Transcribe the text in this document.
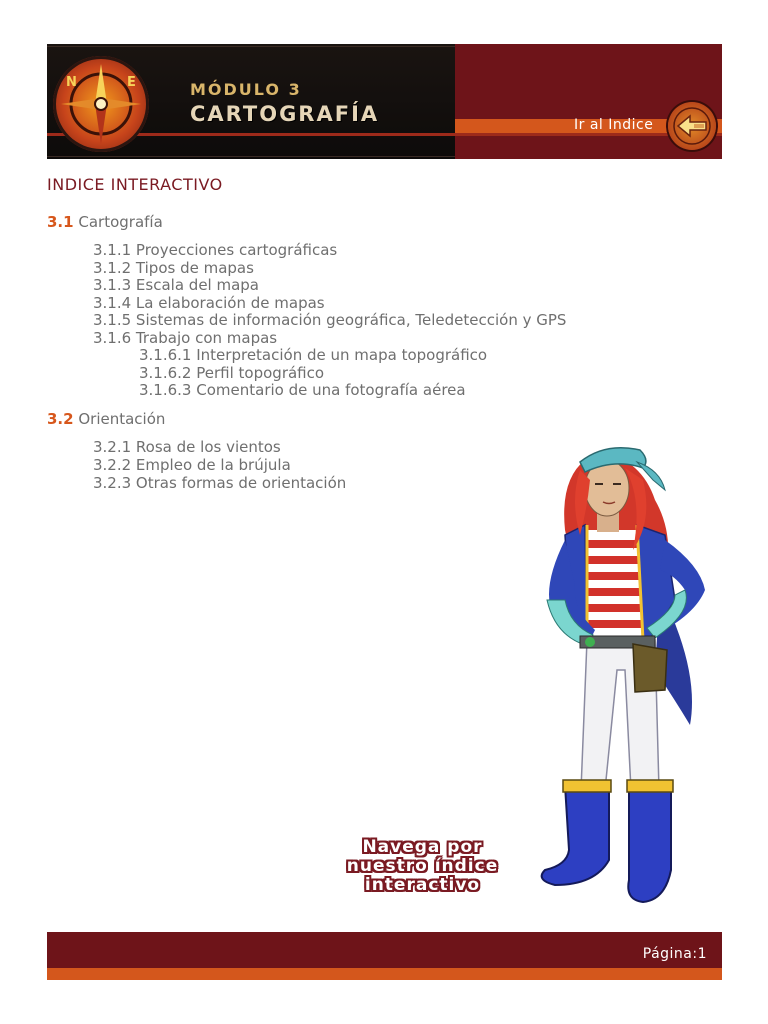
N	E	MÓDULO 3
CARTOGRAFÍA	Ir al Indice
INDICE INTERACTIVO
3.1 Cartografía
3.1.1 Proyecciones cartográficas
3.1.2 Tipos de mapas
3.1.3 Escala del mapa
3.1.4 La elaboración de mapas
3.1.5 Sistemas de información geográfica, Teledetección y GPS
3.1.6 Trabajo con mapas
3.1.6.1 Interpretación de un mapa topográfico
3.1.6.2 Perfil topográfico
3.1.6.3 Comentario de una fotografía aérea
3.2 Orientación
3.2.1 Rosa de los vientos
3.2.2 Empleo de la brújula
3.2.3 Otras formas de orientación
Navega por
nuestro índice
interactivo
Página:1
